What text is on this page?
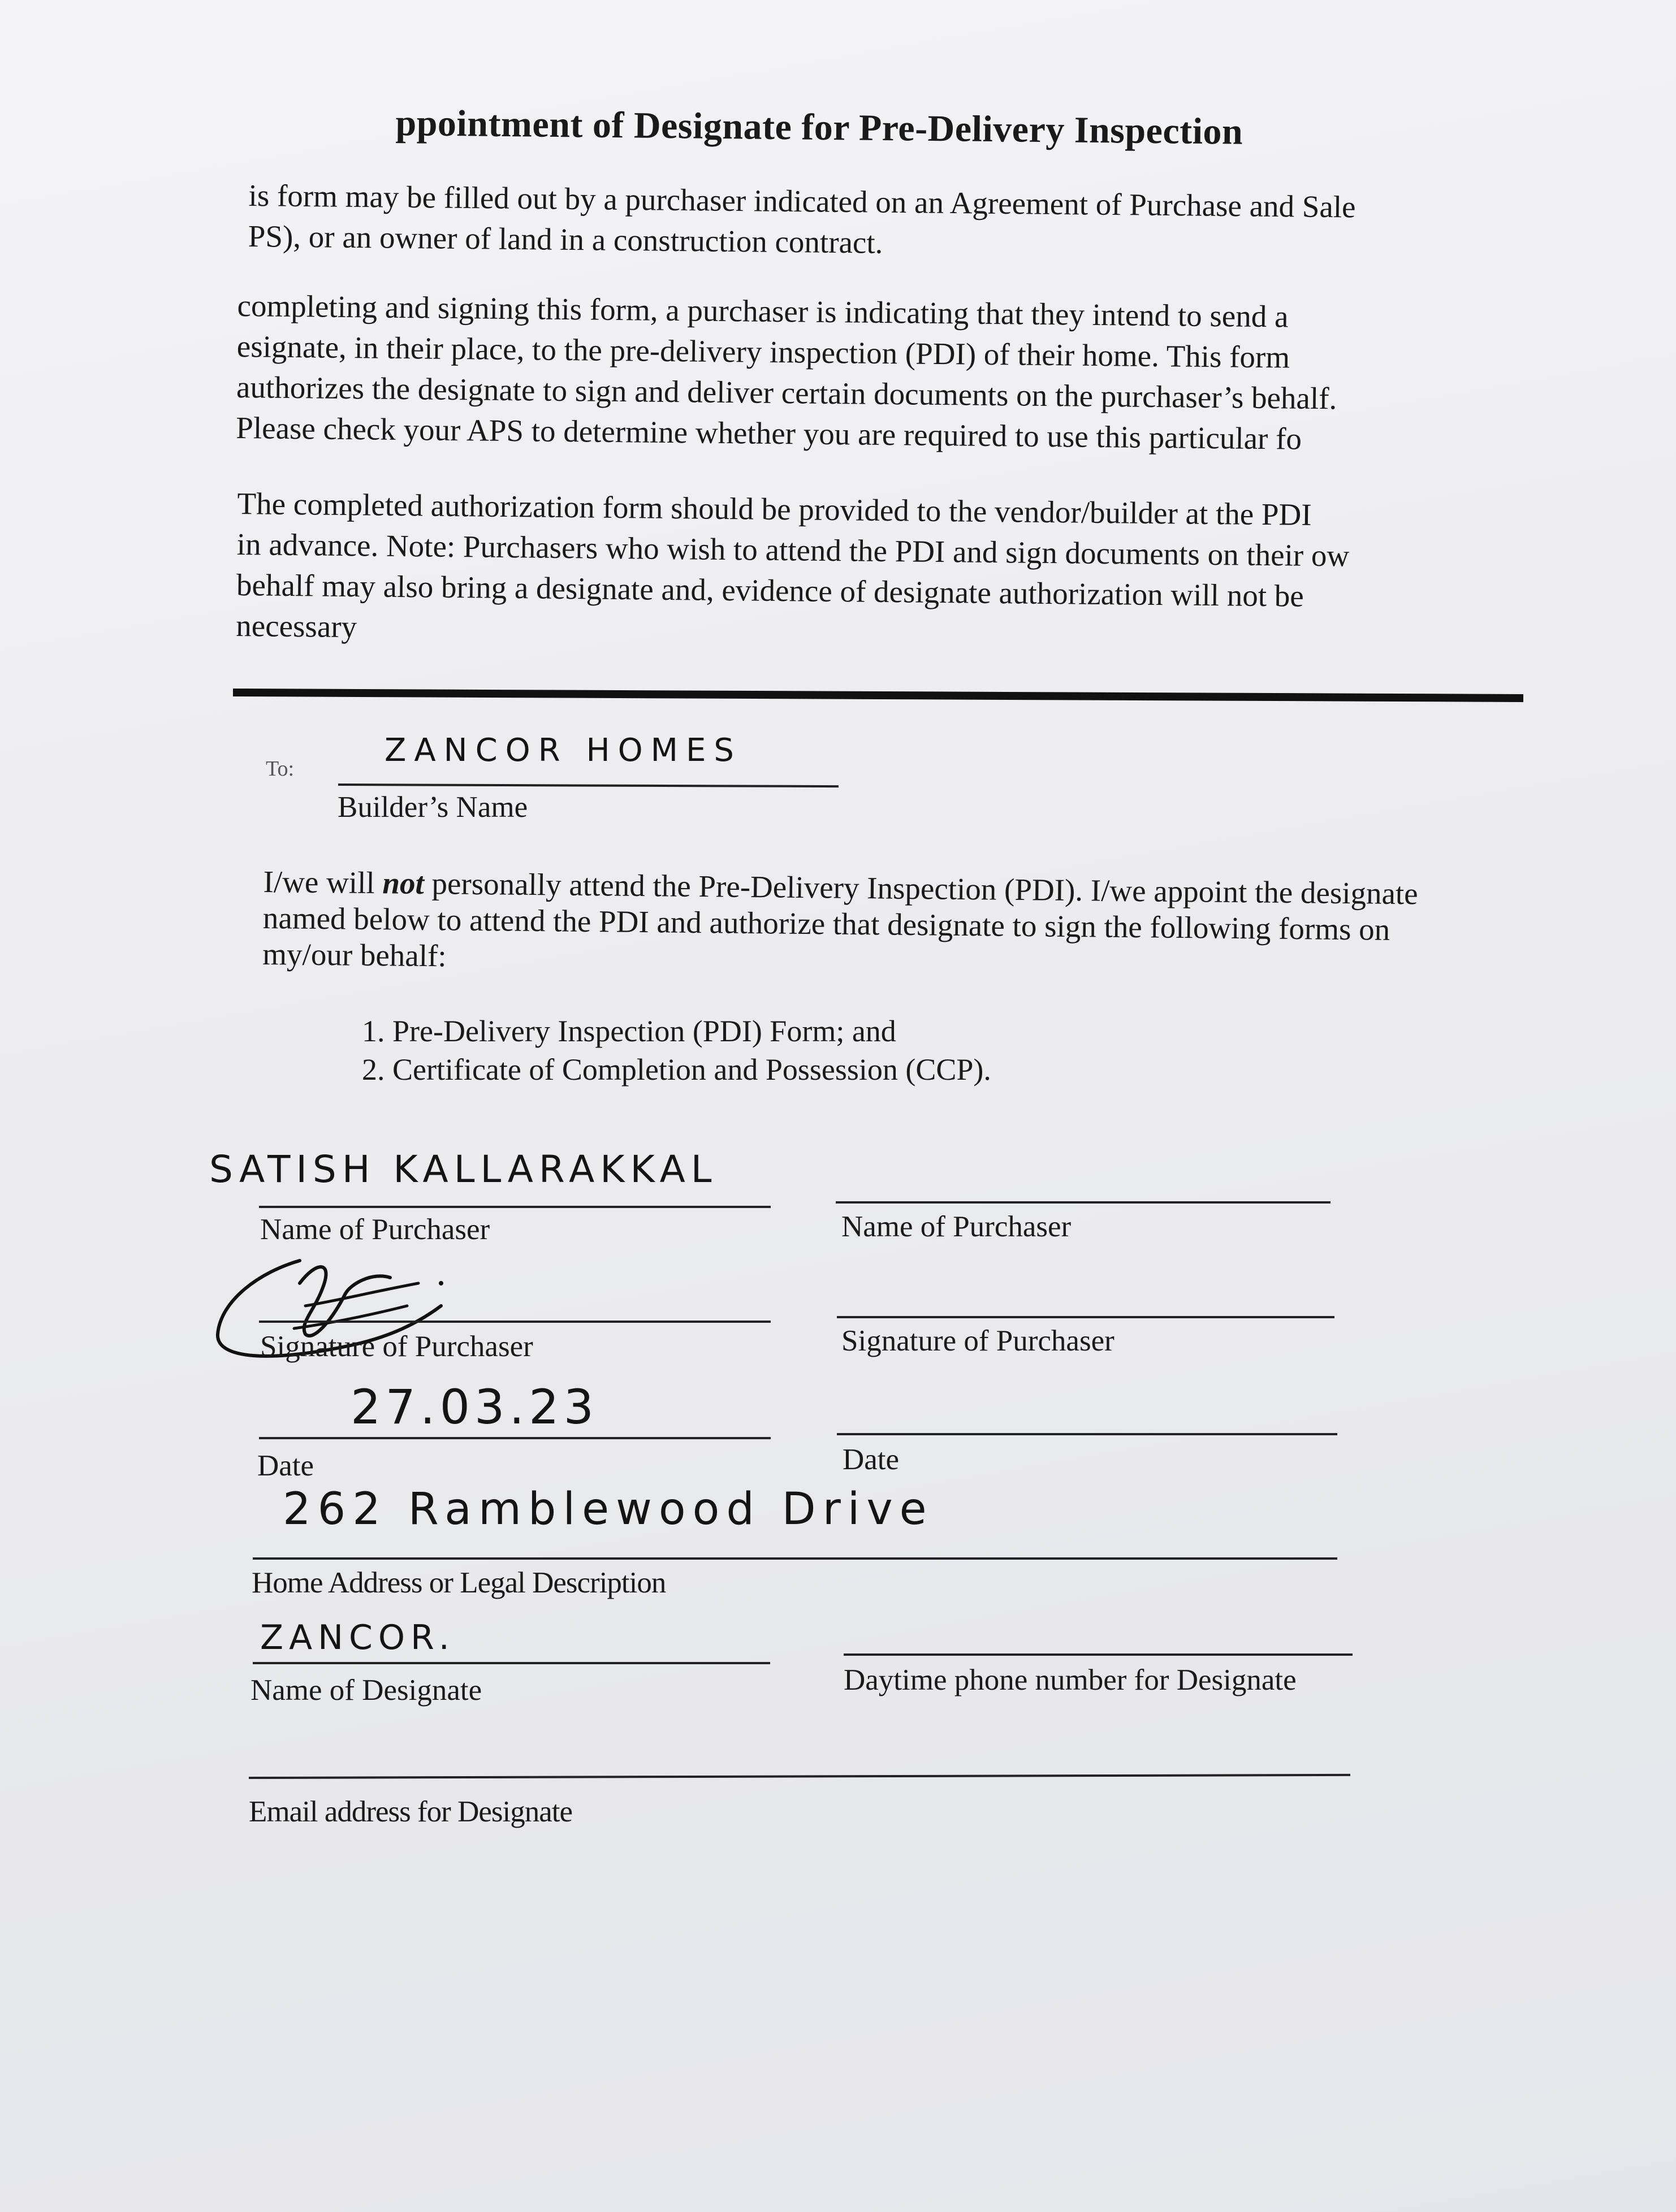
ppointment of Designate for Pre-Delivery Inspection

is form may be filled out by a purchaser indicated on an Agreement of Purchase and Sale

PS), or an owner of land in a construction contract.

completing and signing this form, a purchaser is indicating that they intend to send a

esignate, in their place, to the pre-delivery inspection (PDI) of their home. This form

authorizes the designate to sign and deliver certain documents on the purchaser’s behalf.

Please check your APS to determine whether you are required to use this particular fo

The completed authorization form should be provided to the vendor/builder at the PDI

in advance. Note: Purchasers who wish to attend the PDI and sign documents on their ow

behalf may also bring a designate and, evidence of designate authorization will not be

necessary

To:	ZANCOR HOMES
Builder’s Name

I/we will not personally attend the Pre-Delivery Inspection (PDI). I/we appoint the designate

named below to attend the PDI and authorize that designate to sign the following forms on

my/our behalf:

1. Pre-Delivery Inspection (PDI) Form; and
2. Certificate of Completion and Possession (CCP).
SATISH KALLARAKKAL
Name of Purchaser	Name of Purchaser
Signature of Purchaser	Signature of Purchaser
27.03.23
Date	Date
262 Ramblewood Drive
Home Address or Legal Description
ZANCOR.
Name of Designate	Daytime phone number for Designate
Email address for Designate
